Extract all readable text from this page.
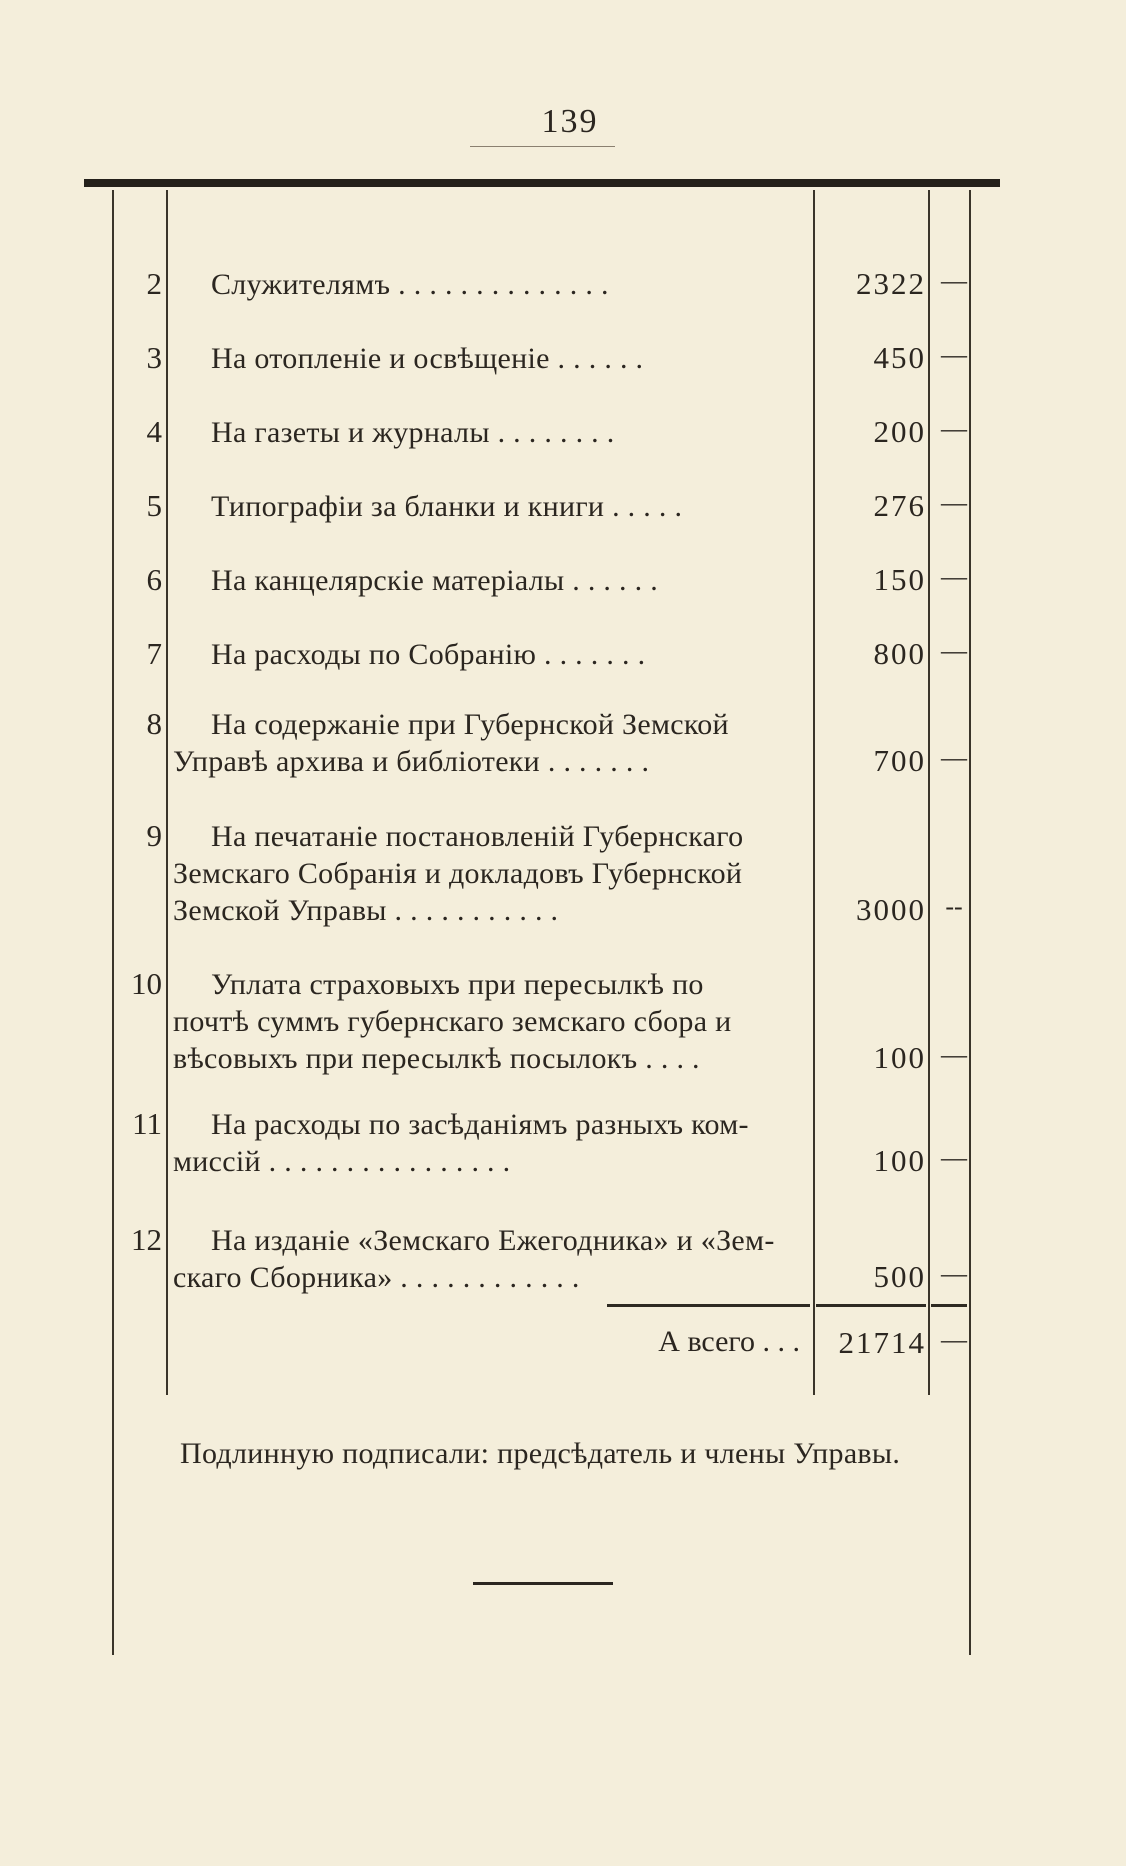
139
2	Служителямъ . . . . . . . . . . . . . .	2322 —
3	На отопленіе и освѣщеніе . . . . . .	450 —
4	На газеты и журналы . . . . . . . .	200 —
5	Типографіи за бланки и книги . . . . .	276 —
6	На канцелярскіе матеріалы . . . . . .	150 —
7	На расходы по Собранію . . . . . . .	800 —
8	На содержаніе при Губернской Земской
Управѣ архива и библіотеки . . . . . . .	700 —
9	На печатаніе постановленій Губернскаго
Земскаго Собранія и докладовъ Губернской
Земской Управы . . . . . . . . . . .	3000 --
10	Уплата страховыхъ при пересылкѣ по
почтѣ суммъ губернскаго земскаго сбора и
вѣсовыхъ при пересылкѣ посылокъ . . . .	100 —
11	На расходы по засѣданіямъ разныхъ ком-
миссій . . . . . . . . . . . . . . . .	100 —
12	На изданіе «Земскаго Ежегодника» и «Зем-
скаго Сборника» . . . . . . . . . . . .	500 —
А всего . . .	21714 —
Подлинную подписали: предсѣдатель и члены Управы.
